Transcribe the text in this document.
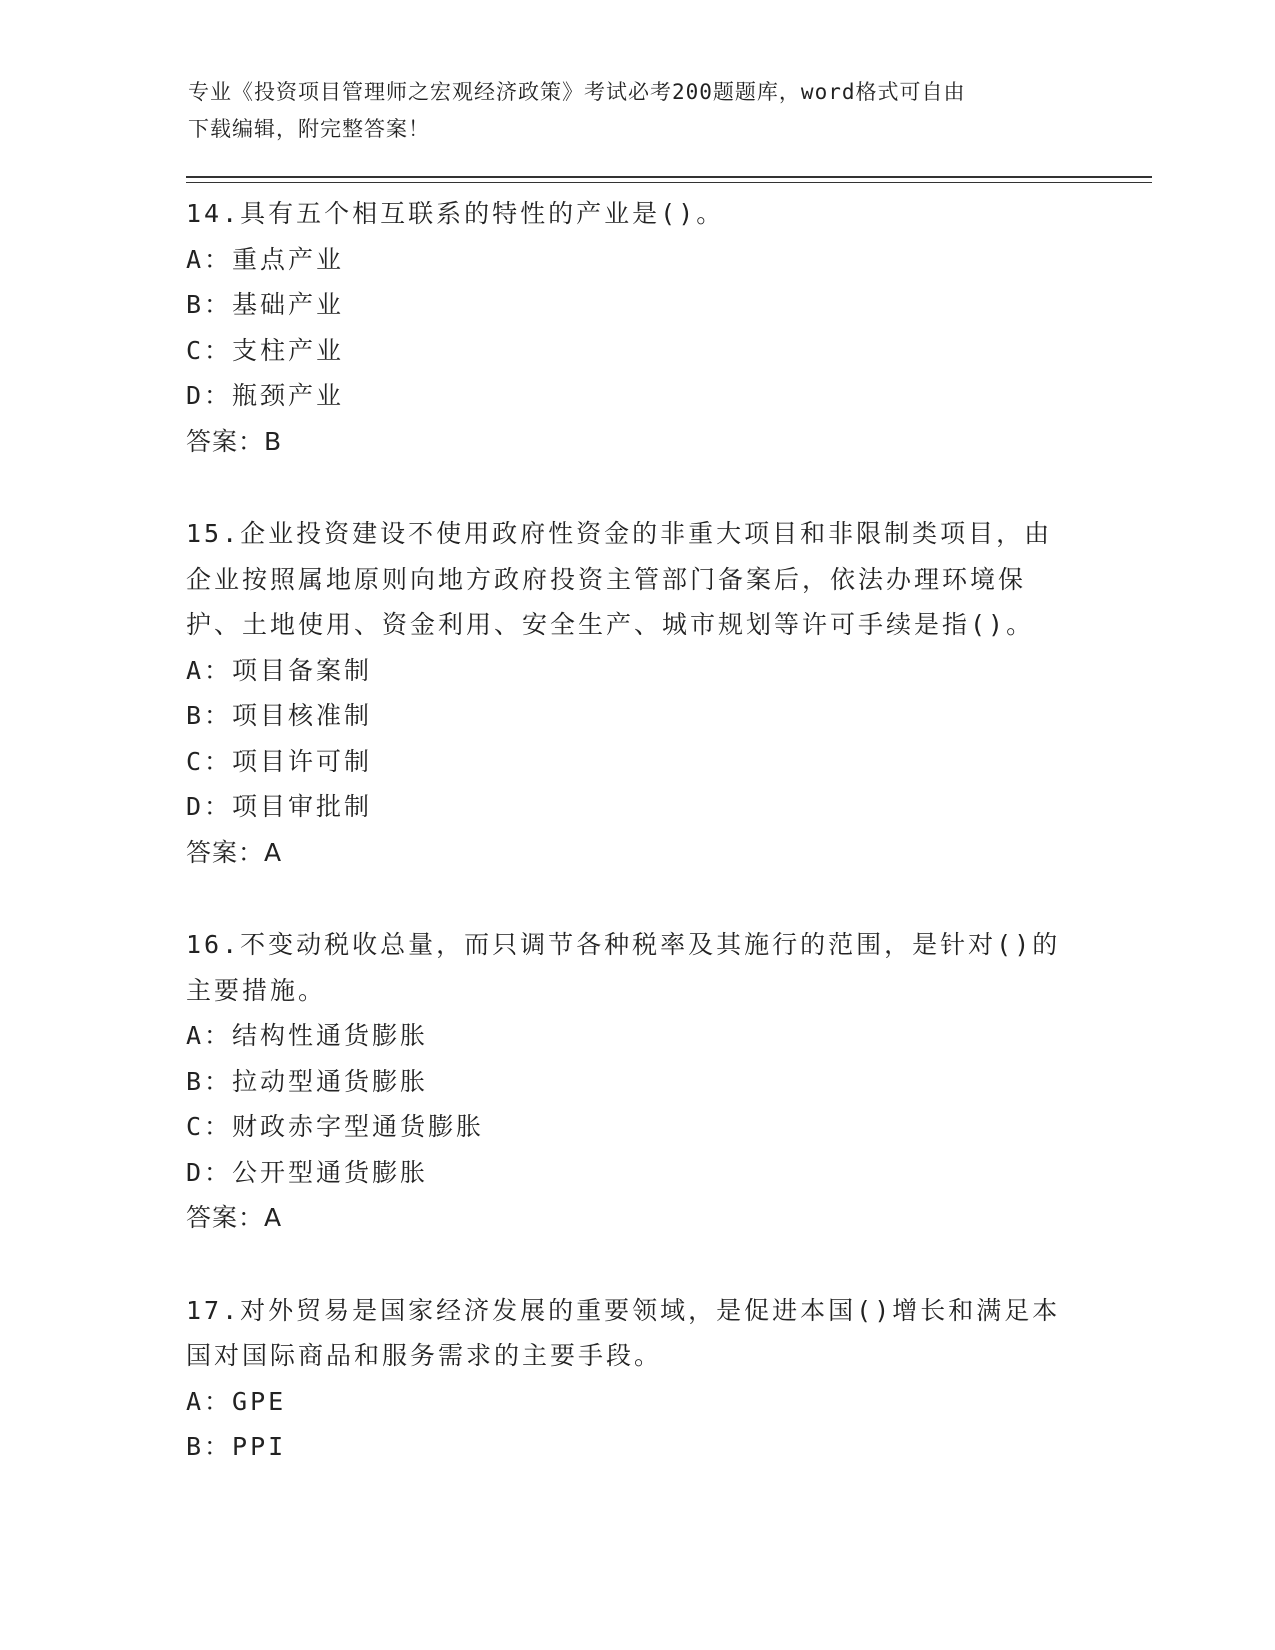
专业《投资项目管理师之宏观经济政策》考试必考200题题库，word格式可自由
下载编辑，附完整答案！
14.具有五个相互联系的特性的产业是()。
A：重点产业
B：基础产业
C：支柱产业
D：瓶颈产业
答案：B
15.企业投资建设不使用政府性资金的非重大项目和非限制类项目，由
企业按照属地原则向地方政府投资主管部门备案后，依法办理环境保
护、土地使用、资金利用、安全生产、城市规划等许可手续是指()。
A：项目备案制
B：项目核准制
C：项目许可制
D：项目审批制
答案：A
16.不变动税收总量，而只调节各种税率及其施行的范围，是针对()的
主要措施。
A：结构性通货膨胀
B：拉动型通货膨胀
C：财政赤字型通货膨胀
D：公开型通货膨胀
答案：A
17.对外贸易是国家经济发展的重要领域，是促进本国()增长和满足本
国对国际商品和服务需求的主要手段。
A：GPE
B：PPI
